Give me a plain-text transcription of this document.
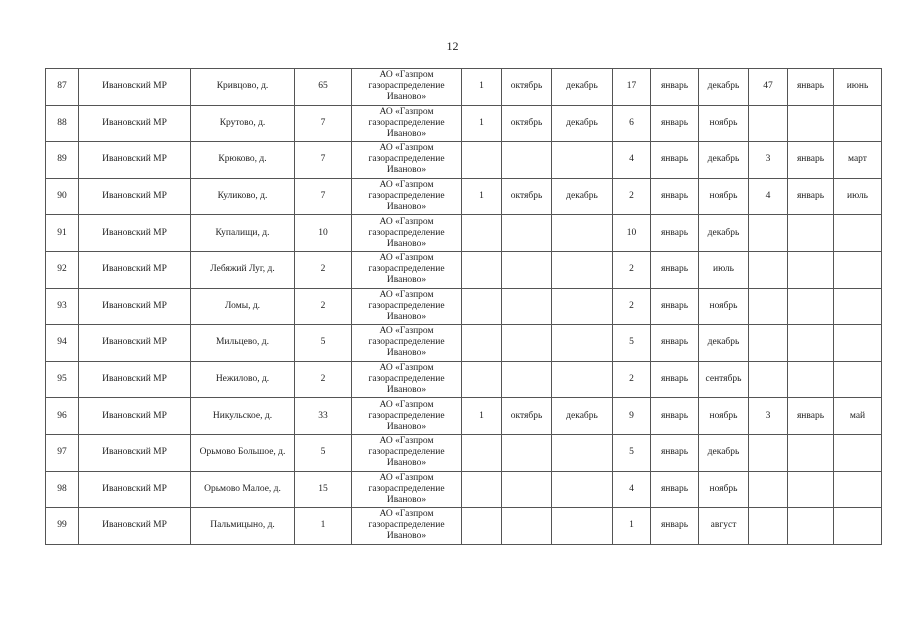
12
87	Ивановский МР	Кривцово, д.	65	АО «Газпром газораспределение Иваново»	1	октябрь	декабрь	17	январь	декабрь	47	январь	июнь
88	Ивановский МР	Крутово, д.	7	АО «Газпром газораспределение Иваново»	1	октябрь	декабрь	6	январь	ноябрь			
89	Ивановский МР	Крюково, д.	7	АО «Газпром газораспределение Иваново»				4	январь	декабрь	3	январь	март
90	Ивановский МР	Куликово, д.	7	АО «Газпром газораспределение Иваново»	1	октябрь	декабрь	2	январь	ноябрь	4	январь	июль
91	Ивановский МР	Купалищи, д.	10	АО «Газпром газораспределение Иваново»				10	январь	декабрь			
92	Ивановский МР	Лебяжий Луг, д.	2	АО «Газпром газораспределение Иваново»				2	январь	июль			
93	Ивановский МР	Ломы, д.	2	АО «Газпром газораспределение Иваново»				2	январь	ноябрь			
94	Ивановский МР	Мильцево, д.	5	АО «Газпром газораспределение Иваново»				5	январь	декабрь			
95	Ивановский МР	Нежилово, д.	2	АО «Газпром газораспределение Иваново»				2	январь	сентябрь			
96	Ивановский МР	Никульское, д.	33	АО «Газпром газораспределение Иваново»	1	октябрь	декабрь	9	январь	ноябрь	3	январь	май
97	Ивановский МР	Орьмово Большое, д.	5	АО «Газпром газораспределение Иваново»				5	январь	декабрь			
98	Ивановский МР	Орьмово Малое, д.	15	АО «Газпром газораспределение Иваново»				4	январь	ноябрь			
99	Ивановский МР	Пальмицыно, д.	1	АО «Газпром газораспределение Иваново»				1	январь	август			
